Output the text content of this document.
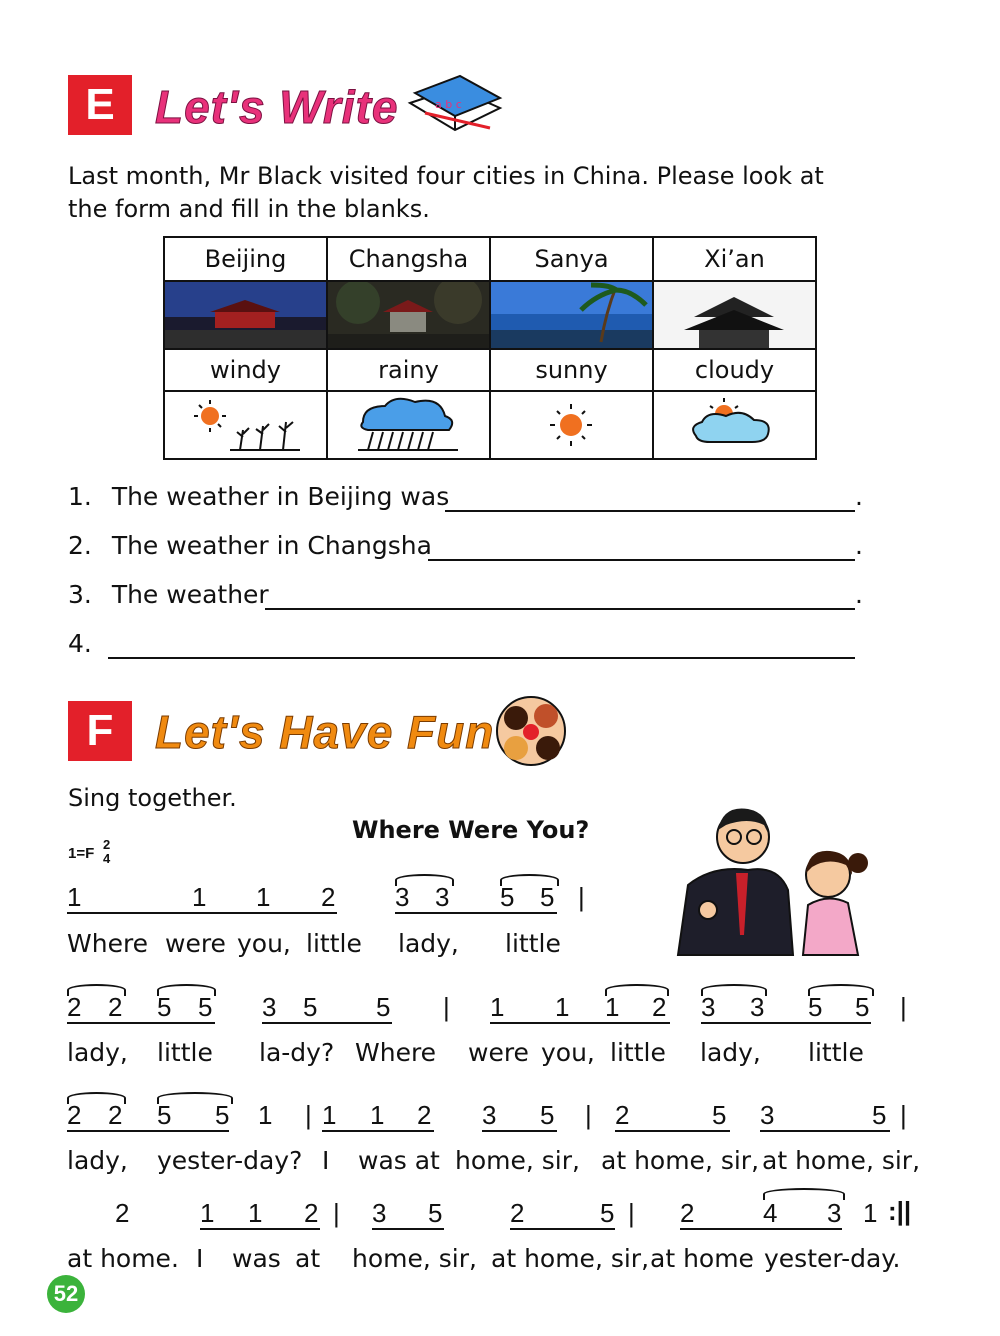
E Let's Write	a b c
Last month, Mr Black visited four cities in China. Please look at
the form and fill in the blanks.
Beijing	Changsha	Sanya	Xi’an

windy	rainy	sunny	cloudy

1. The weather in Beijing was	.
2. The weather in Changsha	.
3. The weather	.
4.
F Let's Have Fun
Sing together.
Where Were You?
1=F
2
4
1	1 1 2 3 3 5 5 |
Where were you, little lady, little
2 2 5 5 3 5 5 | 1 1 1 2 3 3 5 5 |
lady, little la-dy? Where were you, little lady, little
2 2 5 5 1 | 1 1 2 3 5 | 2	5 3	5 |
lady, yester-day? I was at home, sir, at home, sir, at home, sir,
2	1 1 2 | 3 5	2	5 | 2	4 3 1 :||
at home. I was at home, sir, at home, sir, at home yester-day.
52
